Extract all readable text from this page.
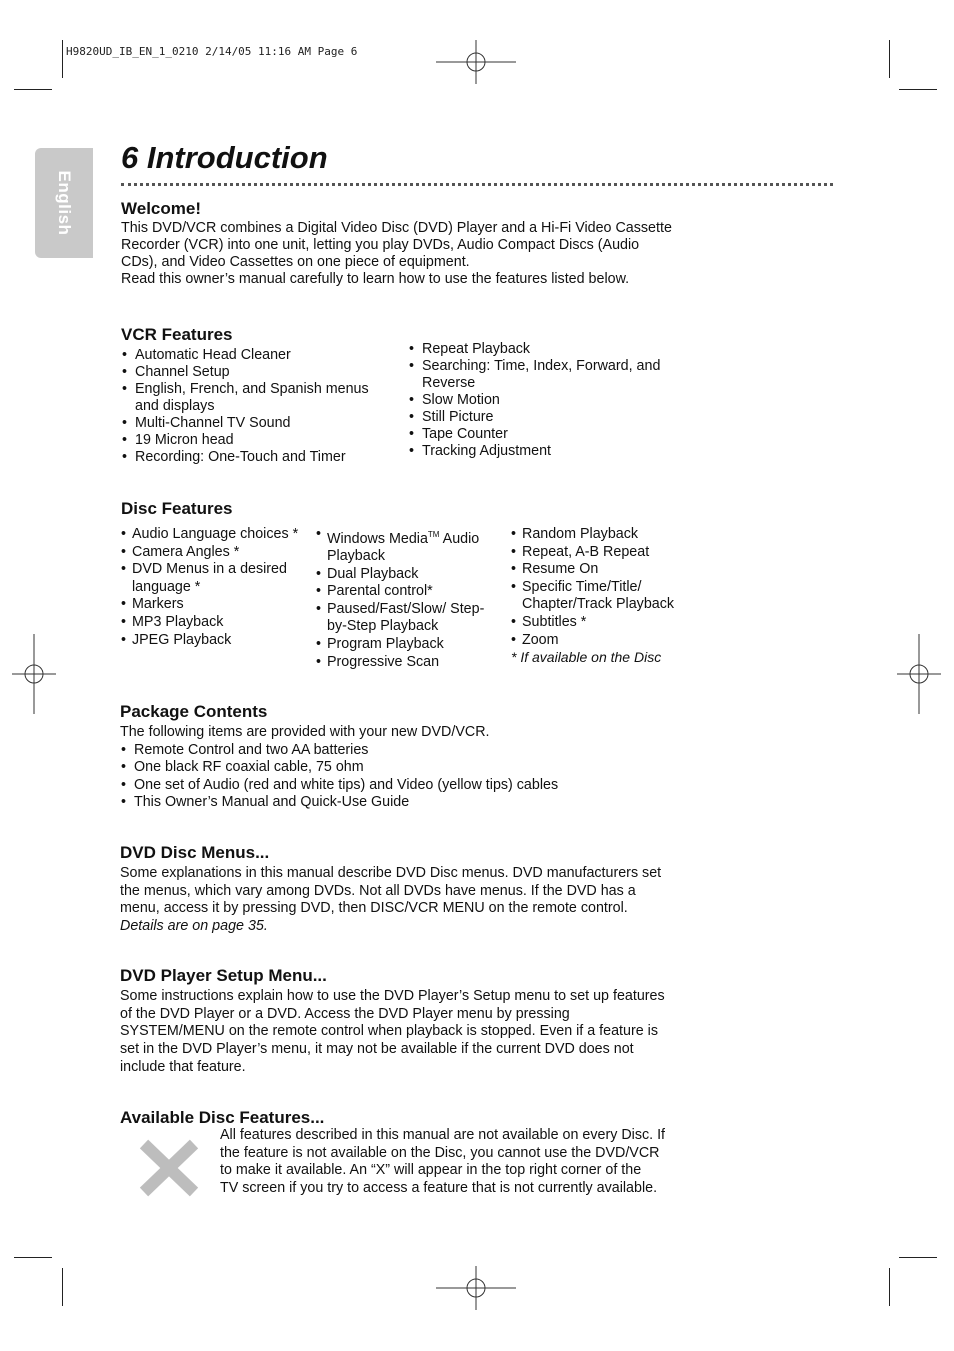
H9820UD_IB_EN_1_0210 2/14/05 11:16 AM Page 6
English
6 Introduction
Welcome!

This DVD/VCR combines a Digital Video Disc (DVD) Player and a Hi-Fi Video Cassette
Recorder (VCR) into one unit, letting you play DVDs, Audio Compact Discs (Audio
CDs), and Video Cassettes on one piece of equipment.
Read this owner’s manual carefully to learn how to use the features listed below.

VCR Features
• Automatic Head Cleaner
• Channel Setup
• English, French, and Spanish menus and displays
• Multi-Channel TV Sound
• 19 Micron head
• Recording: One-Touch and Timer
• Repeat Playback
• Searching: Time, Index, Forward, and Reverse
• Slow Motion
• Still Picture
• Tape Counter
• Tracking Adjustment
Disc Features
• Audio Language choices *
• Camera Angles *
• DVD Menus in a desired language *
• Markers
• MP3 Playback
• JPEG Playback
• Windows Media™ Audio Playback
• Dual Playback
• Parental control*
• Paused/Fast/Slow/ Step-by-Step Playback
• Program Playback
• Progressive Scan
• Random Playback
• Repeat, A-B Repeat
• Resume On
• Specific Time/Title/ Chapter/Track Playback
• Subtitles *
• Zoom
* If available on the Disc
Package Contents

The following items are provided with your new DVD/VCR.

• Remote Control and two AA batteries
• One black RF coaxial cable, 75 ohm
• One set of Audio (red and white tips) and Video (yellow tips) cables
• This Owner’s Manual and Quick-Use Guide
DVD Disc Menus...

Some explanations in this manual describe DVD Disc menus. DVD manufacturers set
the menus, which vary among DVDs. Not all DVDs have menus. If the DVD has a
menu, access it by pressing DVD, then DISC/VCR MENU on the remote control.
Details are on page 35.

DVD Player Setup Menu...

Some instructions explain how to use the DVD Player’s Setup menu to set up features
of the DVD Player or a DVD. Access the DVD Player menu by pressing
SYSTEM/MENU on the remote control when playback is stopped. Even if a feature is
set in the DVD Player’s menu, it may not be available if the current DVD does not
include that feature.

Available Disc Features...

All features described in this manual are not available on every Disc. If
the feature is not available on the Disc, you cannot use the DVD/VCR
to make it available. An “X” will appear in the top right corner of the
TV screen if you try to access a feature that is not currently available.
